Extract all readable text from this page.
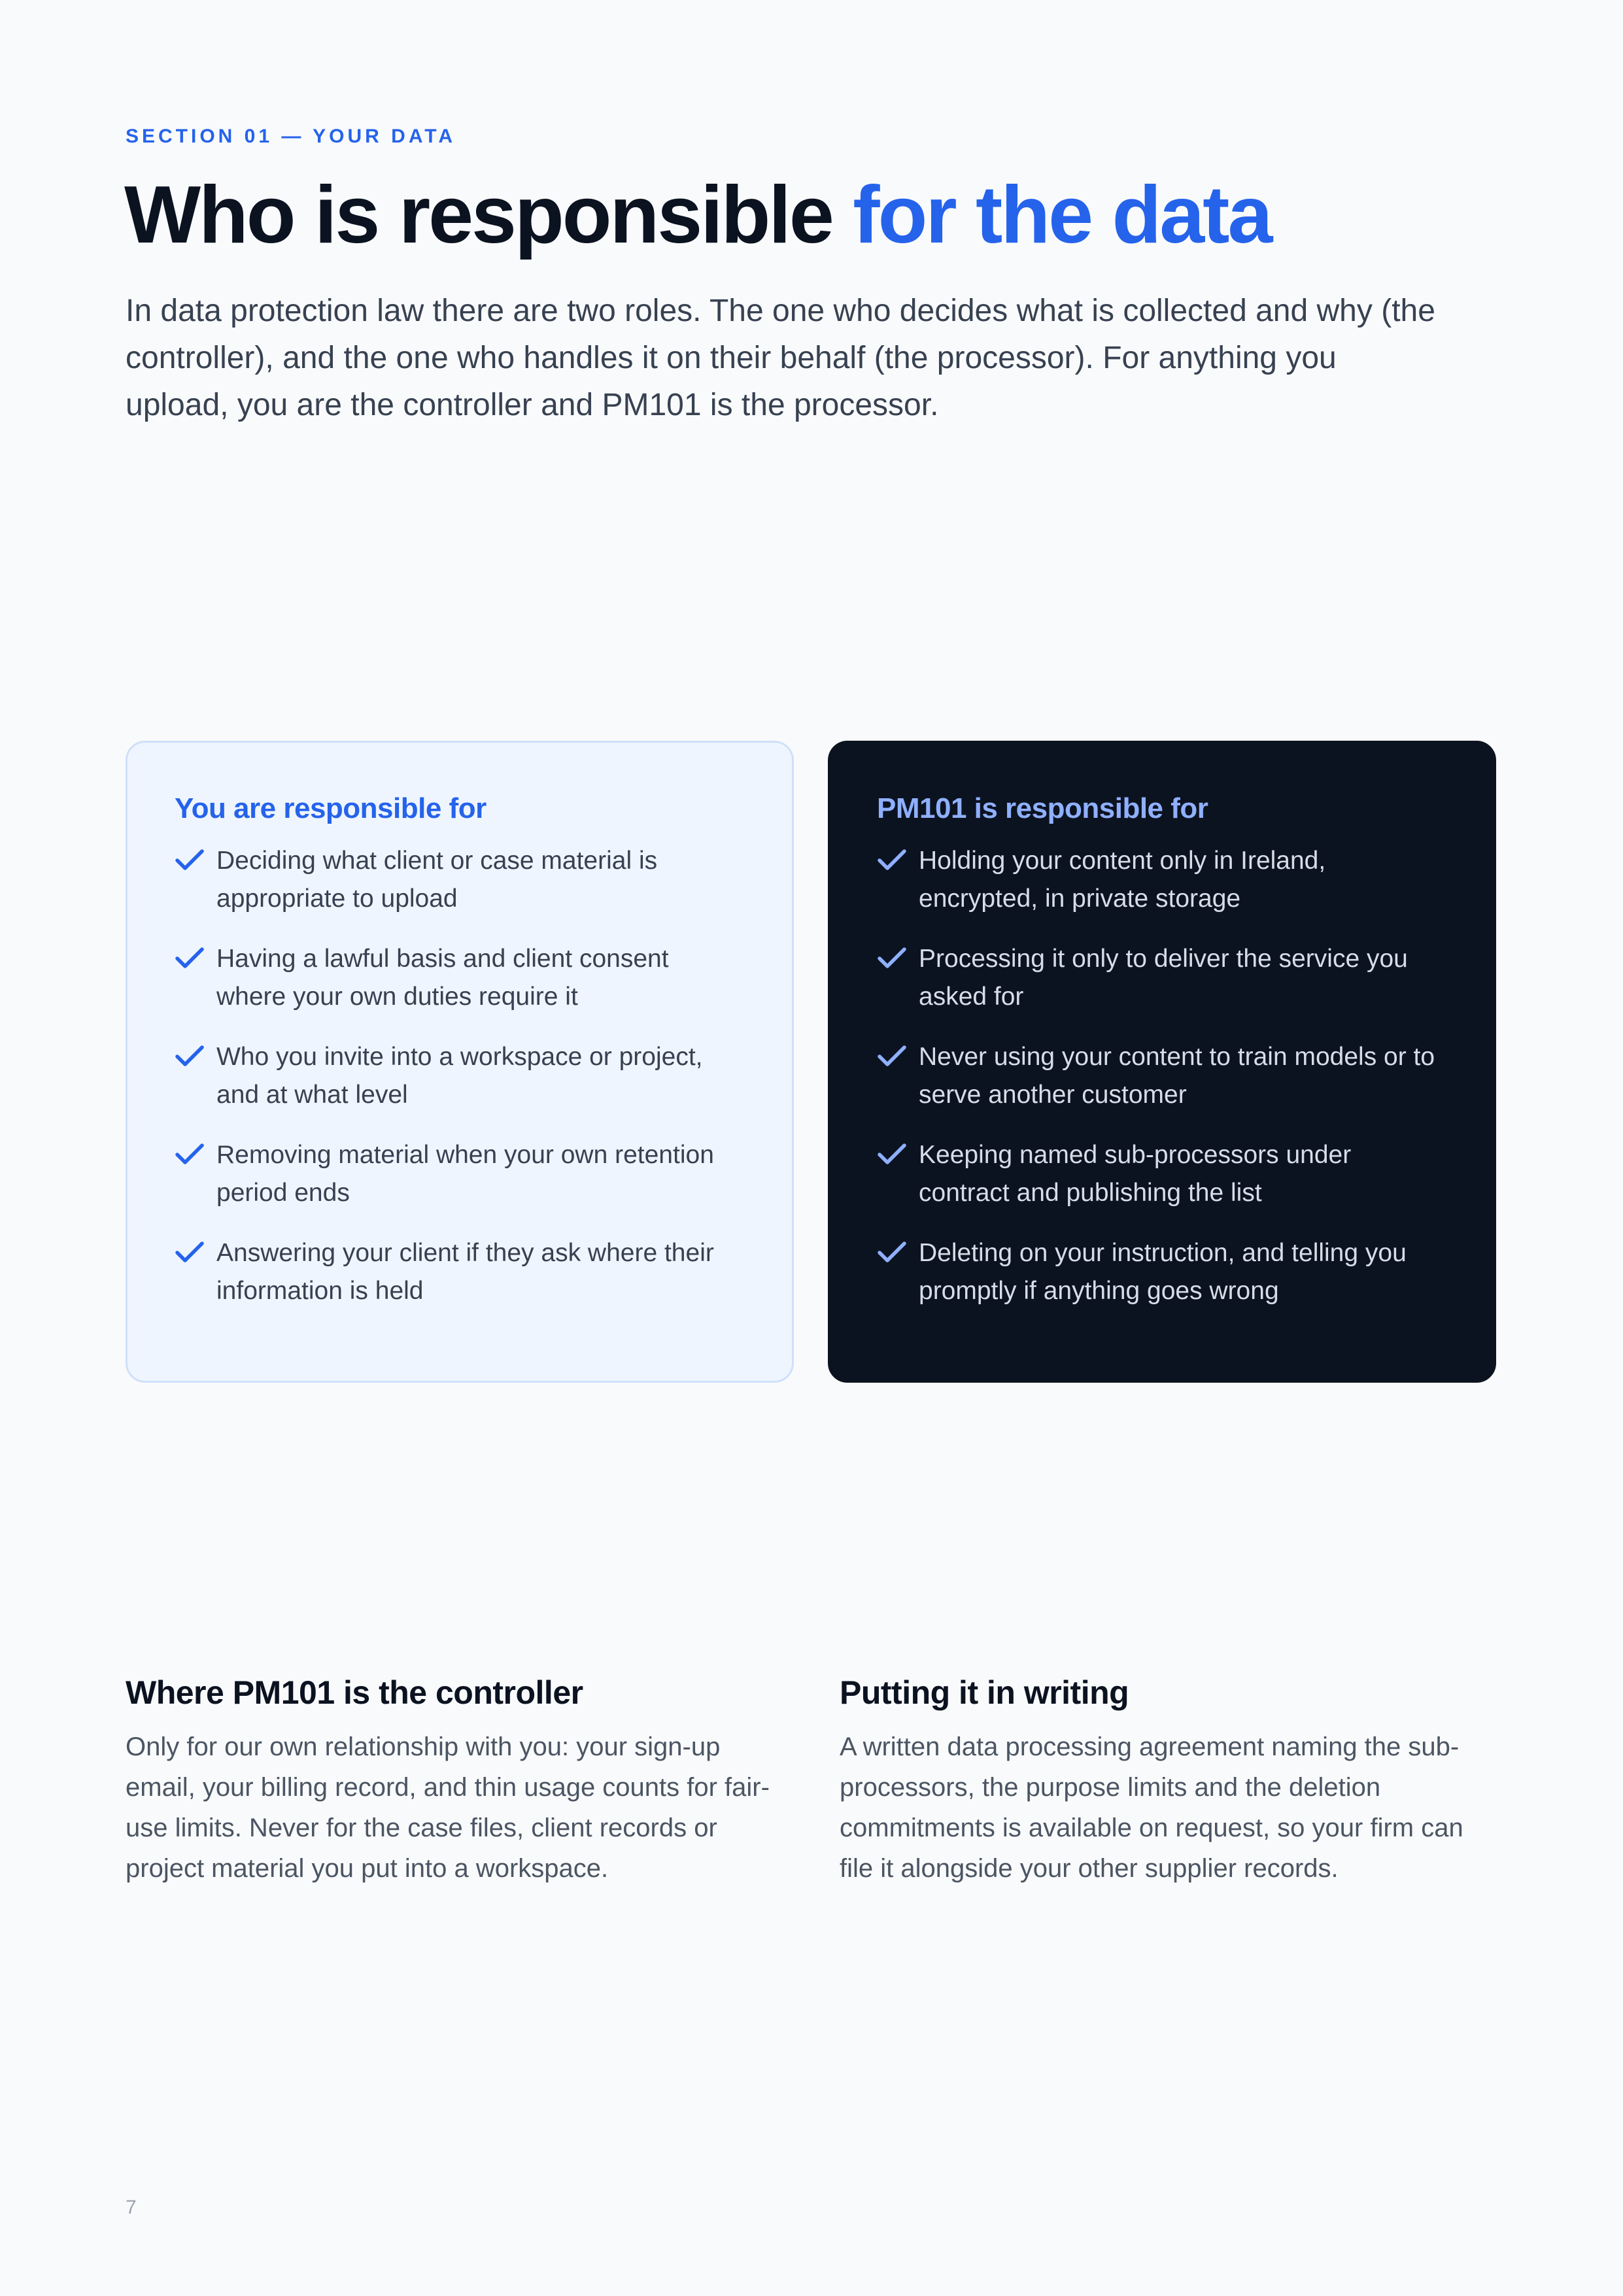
SECTION 01 — YOUR DATA
Who is responsible for the data

In data protection law there are two roles. The one who decides what is collected and why (the controller), and the one who handles it on their behalf (the processor). For anything you upload, you are the controller and PM101 is the processor.

You are responsible for
Deciding what client or case material is appropriate to upload
Having a lawful basis and client consent where your own duties require it
Who you invite into a workspace or project, and at what level
Removing material when your own retention period ends
Answering your client if they ask where their information is held
PM101 is responsible for
Holding your content only in Ireland, encrypted, in private storage
Processing it only to deliver the service you asked for
Never using your content to train models or to serve another customer
Keeping named sub-processors under contract and publishing the list
Deleting on your instruction, and telling you promptly if anything goes wrong
Where PM101 is the controller

Only for our own relationship with you: your sign-up email, your billing record, and thin usage counts for fair-use limits. Never for the case files, client records or project material you put into a workspace.

Putting it in writing

A written data processing agreement naming the sub-processors, the purpose limits and the deletion commitments is available on request, so your firm can file it alongside your other supplier records.

7
